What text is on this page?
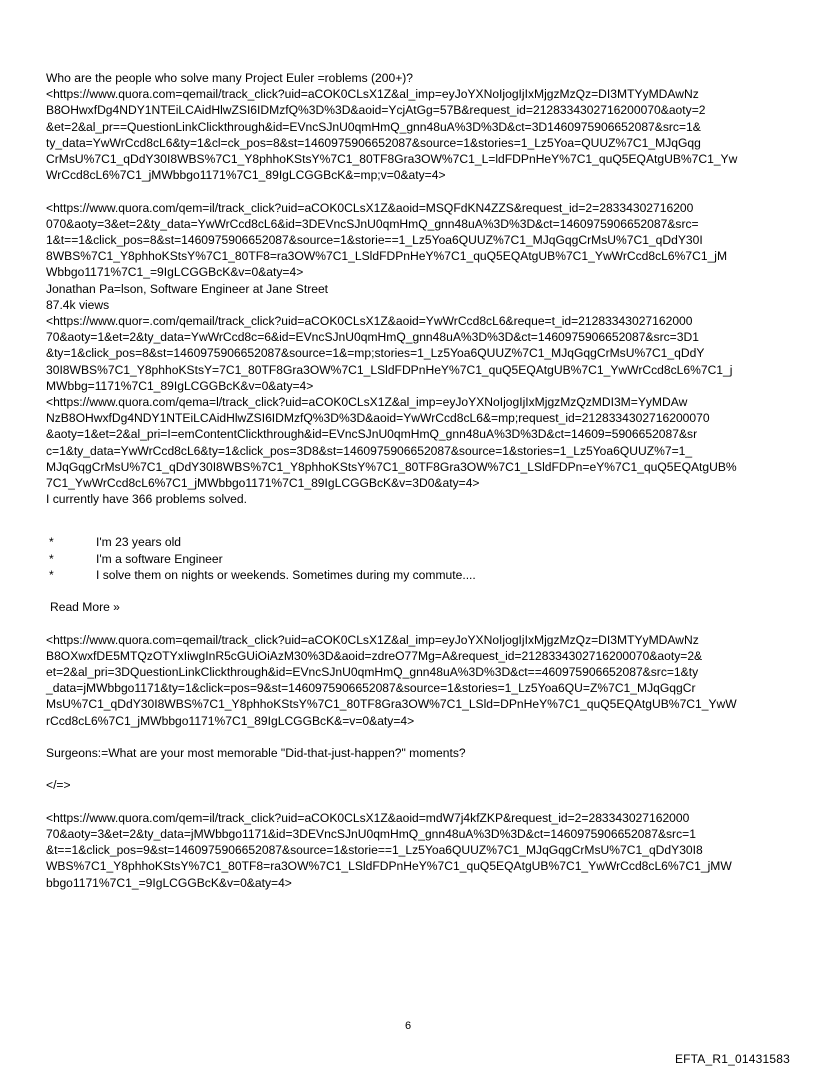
Who are the people who solve many Project Euler =roblems (200+)?
<https://www.quora.com=qemail/track_click?uid=aCOK0CLsX1Z&al_imp=eyJoYXNoIjogIjIxMjgzMzQz=DI3MTYyMDAwNz
B8OHwxfDg4NDY1NTEiLCAidHlwZSI6IDMzfQ%3D%3D&aoid=YcjAtGg=57B&request_id=2128334302716200070&aoty=2
&et=2&al_pr==QuestionLinkClickthrough&id=EVncSJnU0qmHmQ_gnn48uA%3D%3D&ct=3D1460975906652087&src=1&
ty_data=YwWrCcd8cL6&ty=1&cl=ck_pos=8&st=1460975906652087&source=1&stories=1_Lz5Yoa=QUUZ%7C1_MJqGqg
CrMsU%7C1_qDdY30I8WBS%7C1_Y8phhoKStsY%7C1_80TF8Gra3OW%7C1_L=ldFDPnHeY%7C1_quQ5EQAtgUB%7C1_Yw
WrCcd8cL6%7C1_jMWbbgo1171%7C1_89IgLCGGBcK&=mp;v=0&aty=4>
<https://www.quora.com/qem=il/track_click?uid=aCOK0CLsX1Z&aoid=MSQFdKN4ZZS&request_id=2=28334302716200
070&aoty=3&et=2&ty_data=YwWrCcd8cL6&id=3DEVncSJnU0qmHmQ_gnn48uA%3D%3D&ct=1460975906652087&src=
1&t==1&click_pos=8&st=1460975906652087&source=1&storie==1_Lz5Yoa6QUUZ%7C1_MJqGqgCrMsU%7C1_qDdY30I
8WBS%7C1_Y8phhoKStsY%7C1_80TF8=ra3OW%7C1_LSldFDPnHeY%7C1_quQ5EQAtgUB%7C1_YwWrCcd8cL6%7C1_jM
Wbbgo1171%7C1_=9IgLCGGBcK&v=0&aty=4>
Jonathan Pa=lson, Software Engineer at Jane Street
87.4k views
<https://www.quor=.com/qemail/track_click?uid=aCOK0CLsX1Z&aoid=YwWrCcd8cL6&reque=t_id=21283343027162000
70&aoty=1&et=2&ty_data=YwWrCcd8c=6&id=EVncSJnU0qmHmQ_gnn48uA%3D%3D&ct=1460975906652087&src=3D1
&ty=1&click_pos=8&st=1460975906652087&source=1&=mp;stories=1_Lz5Yoa6QUUZ%7C1_MJqGqgCrMsU%7C1_qDdY
30I8WBS%7C1_Y8phhoKStsY=7C1_80TF8Gra3OW%7C1_LSldFDPnHeY%7C1_quQ5EQAtgUB%7C1_YwWrCcd8cL6%7C1_j
MWbbg=1171%7C1_89IgLCGGBcK&v=0&aty=4>
<https://www.quora.com/qema=l/track_click?uid=aCOK0CLsX1Z&al_imp=eyJoYXNoIjogIjIxMjgzMzQzMDI3M=YyMDAw
NzB8OHwxfDg4NDY1NTEiLCAidHlwZSI6IDMzfQ%3D%3D&aoid=YwWrCcd8cL6&=mp;request_id=2128334302716200070
&aoty=1&et=2&al_pri=I=emContentClickthrough&id=EVncSJnU0qmHmQ_gnn48uA%3D%3D&ct=14609=5906652087&sr
c=1&ty_data=YwWrCcd8cL6&ty=1&click_pos=3D8&st=1460975906652087&source=1&stories=1_Lz5Yoa6QUUZ%7=1_
MJqGqgCrMsU%7C1_qDdY30I8WBS%7C1_Y8phhoKStsY%7C1_80TF8Gra3OW%7C1_LSldFDPn=eY%7C1_quQ5EQAtgUB%
7C1_YwWrCcd8cL6%7C1_jMWbbgo1171%7C1_89IgLCGGBcK&v=3D0&aty=4>
I currently have 366 problems solved.
*	I'm 23 years old
*	I'm a software Engineer
*	I solve them on nights or weekends. Sometimes during my commute....
Read More »
<https://www.quora.com=qemail/track_click?uid=aCOK0CLsX1Z&al_imp=eyJoYXNoIjogIjIxMjgzMzQz=DI3MTYyMDAwNz
B8OXwxfDE5MTQzOTYxIiwgInR5cGUiOiAzM30%3D&aoid=zdreO77Mg=A&request_id=2128334302716200070&aoty=2&
et=2&al_pri=3DQuestionLinkClickthrough&id=EVncSJnU0qmHmQ_gnn48uA%3D%3D&ct==460975906652087&src=1&ty
_data=jMWbbgo1171&ty=1&click=pos=9&st=1460975906652087&source=1&stories=1_Lz5Yoa6QU=Z%7C1_MJqGqgCr
MsU%7C1_qDdY30I8WBS%7C1_Y8phhoKStsY%7C1_80TF8Gra3OW%7C1_LSld=DPnHeY%7C1_quQ5EQAtgUB%7C1_YwW
rCcd8cL6%7C1_jMWbbgo1171%7C1_89IgLCGGBcK&=v=0&aty=4>
Surgeons:=What are your most memorable "Did-that-just-happen?" moments?
</=>
<https://www.quora.com/qem=il/track_click?uid=aCOK0CLsX1Z&aoid=mdW7j4kfZKP&request_id=2=283343027162000
70&aoty=3&et=2&ty_data=jMWbbgo1171&id=3DEVncSJnU0qmHmQ_gnn48uA%3D%3D&ct=1460975906652087&src=1
&t==1&click_pos=9&st=1460975906652087&source=1&storie==1_Lz5Yoa6QUUZ%7C1_MJqGqgCrMsU%7C1_qDdY30I8
WBS%7C1_Y8phhoKStsY%7C1_80TF8=ra3OW%7C1_LSldFDPnHeY%7C1_quQ5EQAtgUB%7C1_YwWrCcd8cL6%7C1_jMW
bbgo1171%7C1_=9IgLCGGBcK&v=0&aty=4>
6
EFTA_R1_01431583
